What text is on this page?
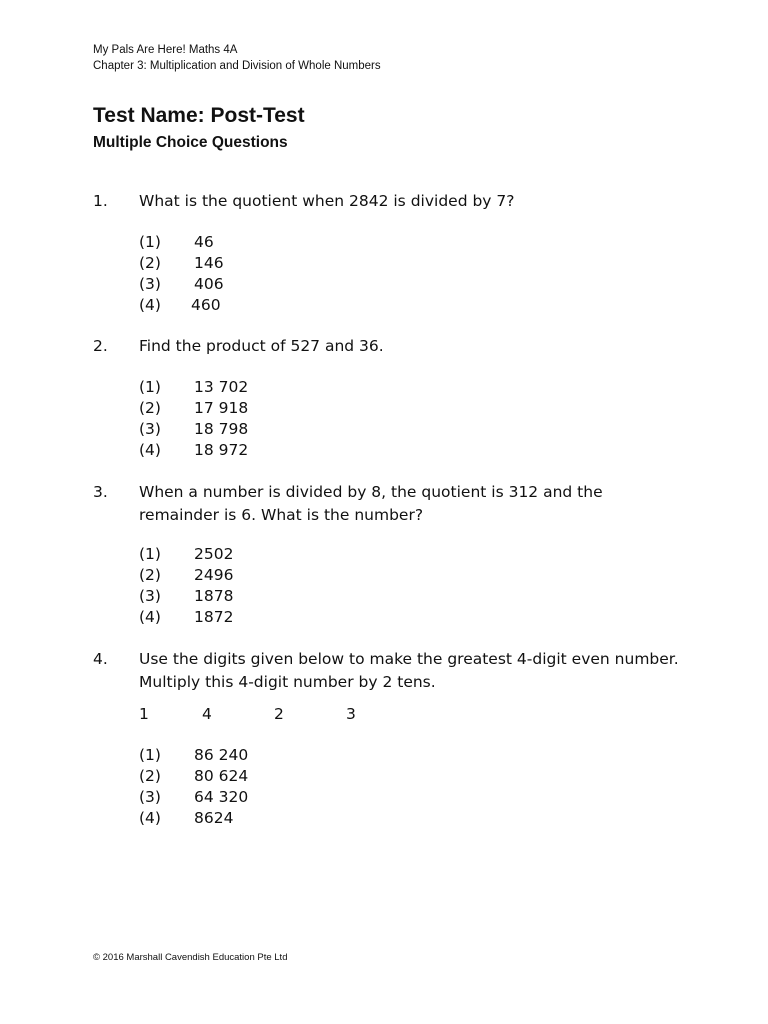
My Pals Are Here! Maths 4A
Chapter 3: Multiplication and Division of Whole Numbers
Test Name: Post-Test
Multiple Choice Questions
1. What is the quotient when 2842 is divided by 7?
(1) 46
(2) 146
(3) 406
(4) 460
2. Find the product of 527 and 36.
(1) 13 702
(2) 17 918
(3) 18 798
(4) 18 972
3. When a number is divided by 8, the quotient is 312 and the remainder is 6. What is the number?
(1) 2502
(2) 2496
(3) 1878
(4) 1872
4. Use the digits given below to make the greatest 4-digit even number. Multiply this 4-digit number by 2 tens.
1	4	2	3
(1) 86 240
(2) 80 624
(3) 64 320
(4) 8624
© 2016 Marshall Cavendish Education Pte Ltd
